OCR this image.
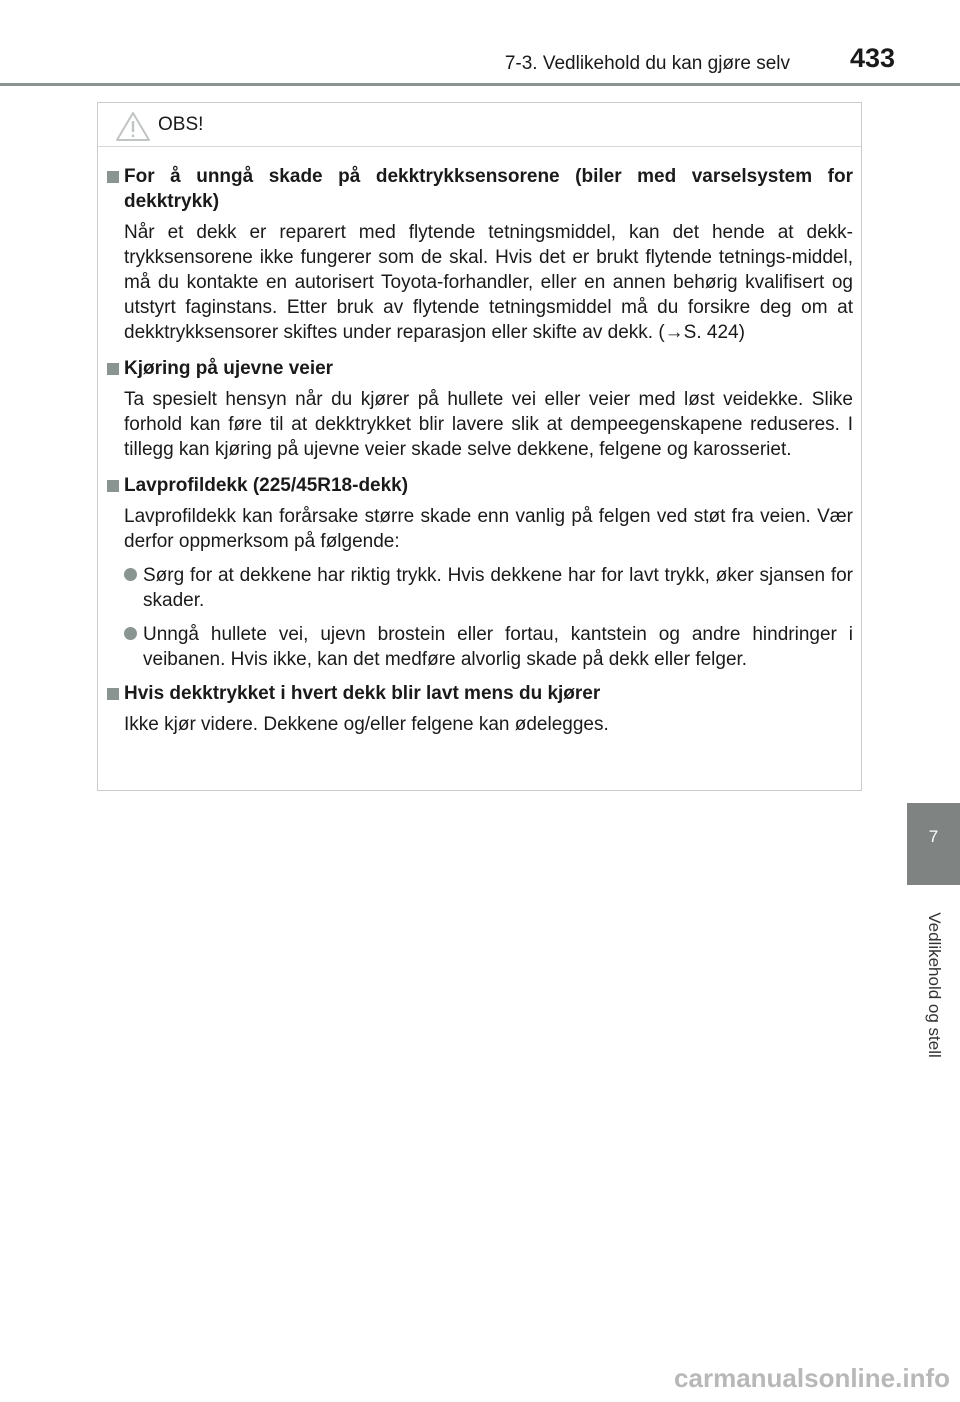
7-3. Vedlikehold du kan gjøre selv 433
7
Vedlikehold og stell
OBS!
For å unngå skade på dekktrykksensorene (biler med varselsystem for dekktrykk)
Når et dekk er reparert med flytende tetningsmiddel, kan det hende at dekk-trykksensorene ikke fungerer som de skal. Hvis det er brukt flytende tetnings-middel, må du kontakte en autorisert Toyota-forhandler, eller en annen behørig kvalifisert og utstyrt faginstans. Etter bruk av flytende tetningsmiddel må du forsikre deg om at dekktrykksensorer skiftes under reparasjon eller skifte av dekk. (→S. 424)
Kjøring på ujevne veier
Ta spesielt hensyn når du kjører på hullete vei eller veier med løst veidekke. Slike forhold kan føre til at dekktrykket blir lavere slik at dempeegenskapene reduseres. I tillegg kan kjøring på ujevne veier skade selve dekkene, felgene og karosseriet.
Lavprofildekk (225/45R18-dekk)
Lavprofildekk kan forårsake større skade enn vanlig på felgen ved støt fra veien. Vær derfor oppmerksom på følgende:
Sørg for at dekkene har riktig trykk. Hvis dekkene har for lavt trykk, øker sjansen for skader.
Unngå hullete vei, ujevn brostein eller fortau, kantstein og andre hindringer i veibanen. Hvis ikke, kan det medføre alvorlig skade på dekk eller felger.
Hvis dekktrykket i hvert dekk blir lavt mens du kjører
Ikke kjør videre. Dekkene og/eller felgene kan ødelegges.
carmanualsonline.info
